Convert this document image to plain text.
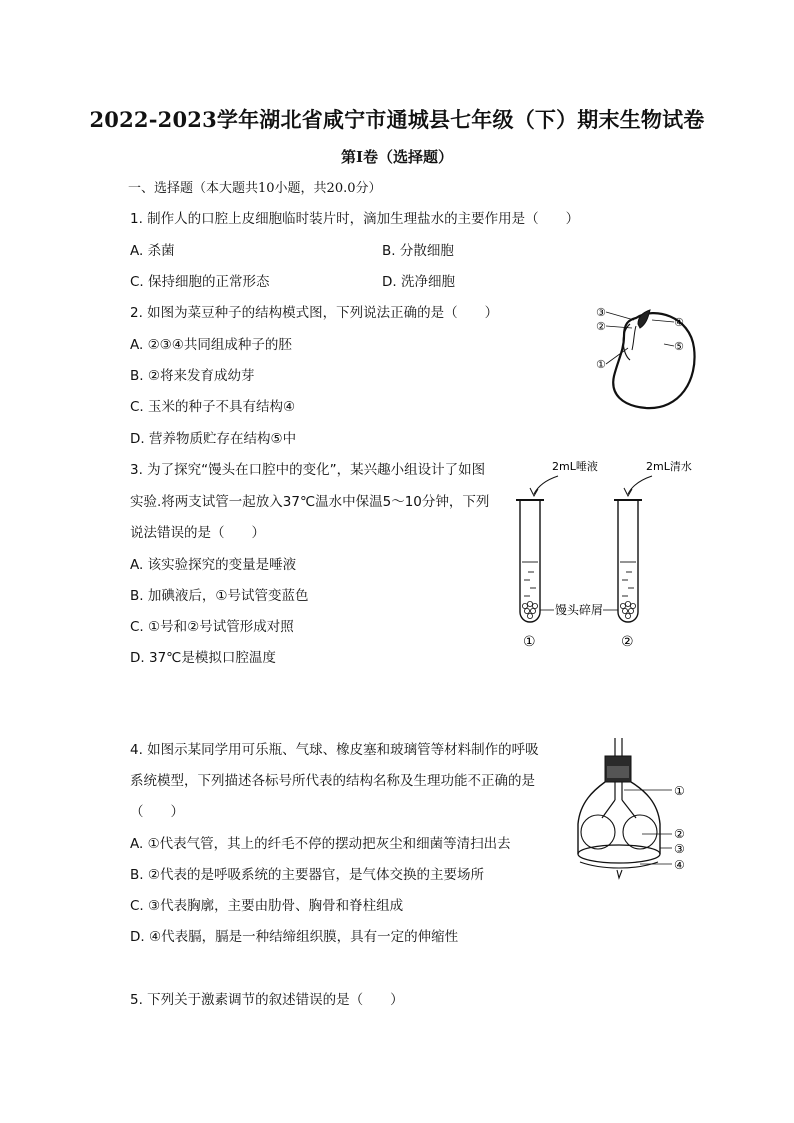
2022-2023学年湖北省咸宁市通城县七年级（下）期末生物试卷
第Ⅰ卷（选择题）
一、选择题（本大题共10小题，共20.0分）
1. 制作人的口腔上皮细胞临时装片时，滴加生理盐水的主要作用是（　　）
A. 杀菌	B. 分散细胞
C. 保持细胞的正常形态	D. 洗净细胞
2. 如图为菜豆种子的结构模式图，下列说法正确的是（　　）
A. ②③④共同组成种子的胚
B. ②将来发育成幼芽
C. 玉米的种子不具有结构④
D. 营养物质贮存在结构⑤中
③
②
①
④
⑤
3. 为了探究“馒头在口腔中的变化”，某兴趣小组设计了如图
实验.将两支试管一起放入37℃温水中保温5～10分钟，下列
说法错误的是（　　）
A. 该实验探究的变量是唾液
B. 加碘液后，①号试管变蓝色
C. ①号和②号试管形成对照
D. 37℃是模拟口腔温度
2mL唾液	2mL清水
馒头碎屑
①	②
4. 如图示某同学用可乐瓶、气球、橡皮塞和玻璃管等材料制作的呼吸
系统模型，下列描述各标号所代表的结构名称及生理功能不正确的是
（　　）
A. ①代表气管，其上的纤毛不停的摆动把灰尘和细菌等清扫出去
B. ②代表的是呼吸系统的主要器官，是气体交换的主要场所
C. ③代表胸廓，主要由肋骨、胸骨和脊柱组成
D. ④代表膈，膈是一种结缔组织膜，具有一定的伸缩性
①
②
③
④
5. 下列关于激素调节的叙述错误的是（　　）
